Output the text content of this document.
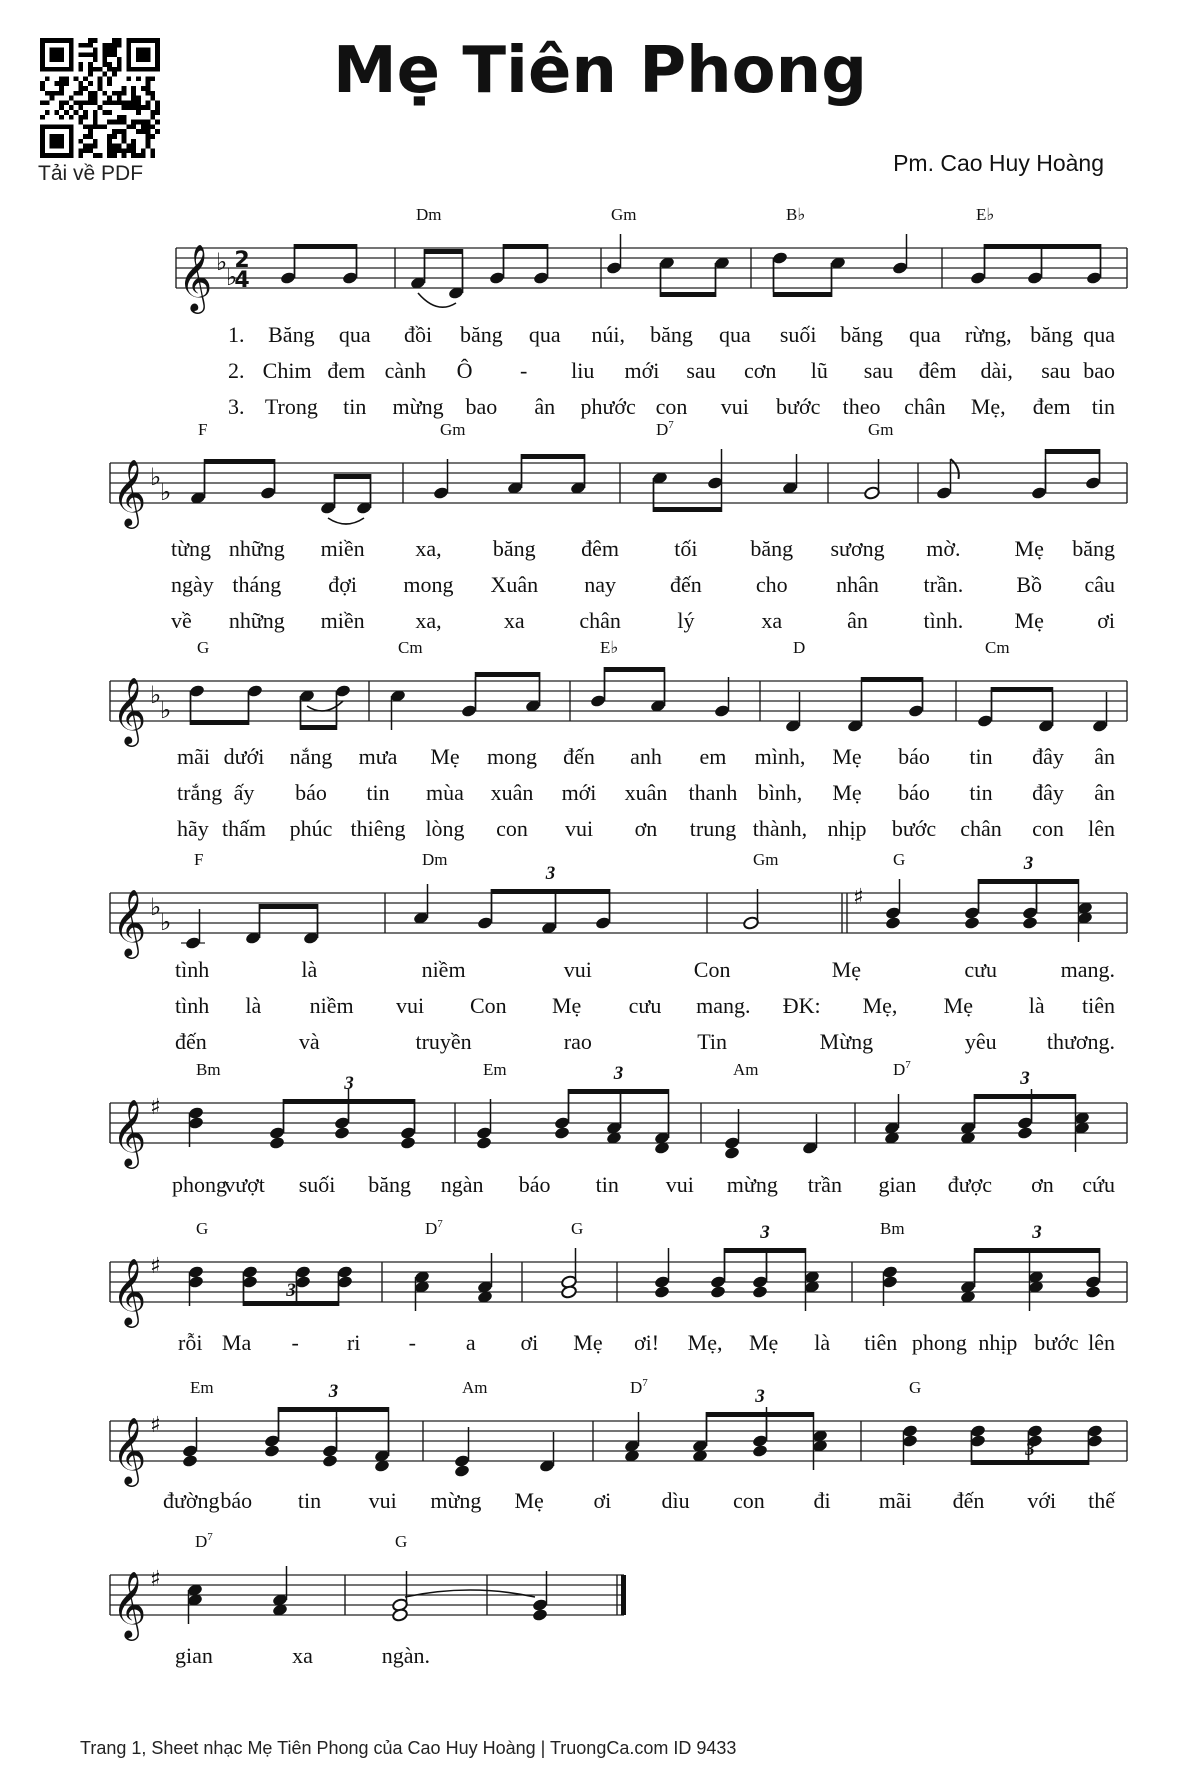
Tải về PDF
Mẹ Tiên Phong
Pm. Cao Huy Hoàng
𝄞 ♭
♭
2
4
Dm	Gm	B♭	E♭
1. Băng qua đồi băng qua núi, băng qua suối băng qua rừng, băng qua
2. Chim đem cành Ô - liu mới sau cơn lũ sau đêm dài, sau bao
3. Trong tin mừng bao ân phước con vui bước theo chân Mẹ, đem tin
𝄞 ♭
♭
F	Gm	$D^7$	Gm
từng những miền xa, băng đêm	tối băng sương mờ. Mẹ băng
ngày tháng đợi mong Xuân nay đến cho nhân trần. Bồ câu
về những miền xa,	xa chân	lý	xa	ân	tình. Mẹ ơi
𝄞 ♭
♭
G	Cm	E♭	D	Cm
mãi dưới nắng mưa Mẹ mong đến anh em mình, Mẹ báo tin đây ân
trắng ấy báo tin mùa xuân mới xuân thanh bình, Mẹ báo tin đây ân
hãy thấm phúc thiêng lòng con vui ơn trung thành, nhịp bước chân con lên
𝄞 ♭
♭
♯
F	Dm	Gm	G
3	3
tình	là	niềm	vui	Con	Mẹ	cưu	mang.
tình là niềm vui Con Mẹ cưu mang. ĐK: Mẹ, Mẹ	là tiên
đến	và	truyền	rao	Tin	Mừng	yêu thương.
𝄞 ♯
Bm	Em	Am	$D^7$
3	3	3
phong
vượt suối băng ngàn báo tin vui mừng trần gian được ơn cứu
𝄞 ♯
G	$D^7$	G	Bm
3
3	3
rỗi Ma - ri - a ơi Mẹ ơi! Mẹ, Mẹ là tiên phong nhịp bước lên
𝄞 ♯
Em	Am	$D^7$	G
3	3
3
đường báo tin vui mừng Mẹ ơi dìu con đi mãi đến với thế
𝄞 ♯
$D^7$	G
gian	xa	ngàn.
Trang 1, Sheet nhạc Mẹ Tiên Phong của Cao Huy Hoàng | TruongCa.com ID 9433
